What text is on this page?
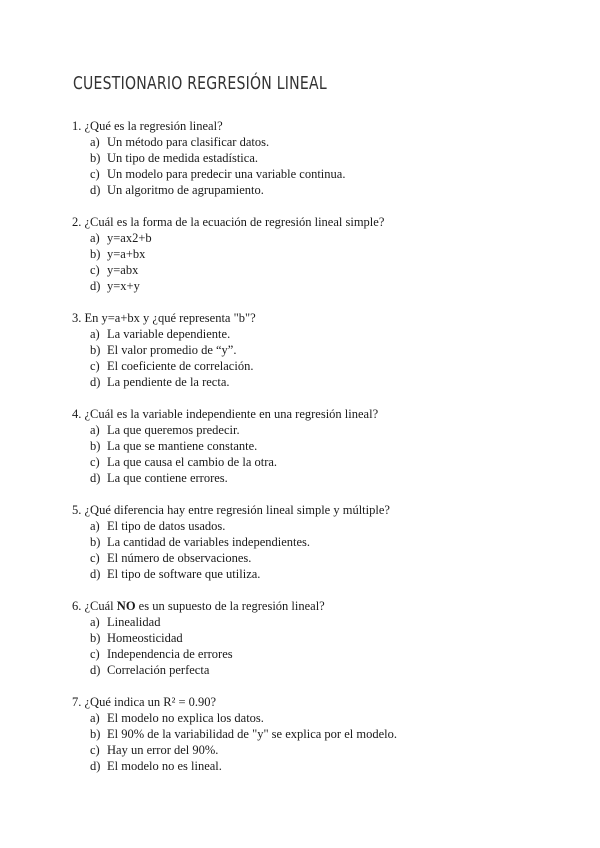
CUESTIONARIO REGRESIÓN LINEAL
1. ¿Qué es la regresión lineal?
a) Un método para clasificar datos.
b) Un tipo de medida estadística.
c) Un modelo para predecir una variable continua.
d) Un algoritmo de agrupamiento.
2. ¿Cuál es la forma de la ecuación de regresión lineal simple?
a) y=ax2+b
b) y=a+bx
c) y=abx
d) y=x+y
3. En y=a+bx y ¿qué representa "b"?
a) La variable dependiente.
b) El valor promedio de “y”.
c) El coeficiente de correlación.
d) La pendiente de la recta.
4. ¿Cuál es la variable independiente en una regresión lineal?
a) La que queremos predecir.
b) La que se mantiene constante.
c) La que causa el cambio de la otra.
d) La que contiene errores.
5. ¿Qué diferencia hay entre regresión lineal simple y múltiple?
a) El tipo de datos usados.
b) La cantidad de variables independientes.
c) El número de observaciones.
d) El tipo de software que utiliza.
6. ¿Cuál NO es un supuesto de la regresión lineal?
a) Linealidad
b) Homeosticidad
c) Independencia de errores
d) Correlación perfecta
7. ¿Qué indica un R² = 0.90?
a) El modelo no explica los datos.
b) El 90% de la variabilidad de "y" se explica por el modelo.
c) Hay un error del 90%.
d) El modelo no es lineal.
